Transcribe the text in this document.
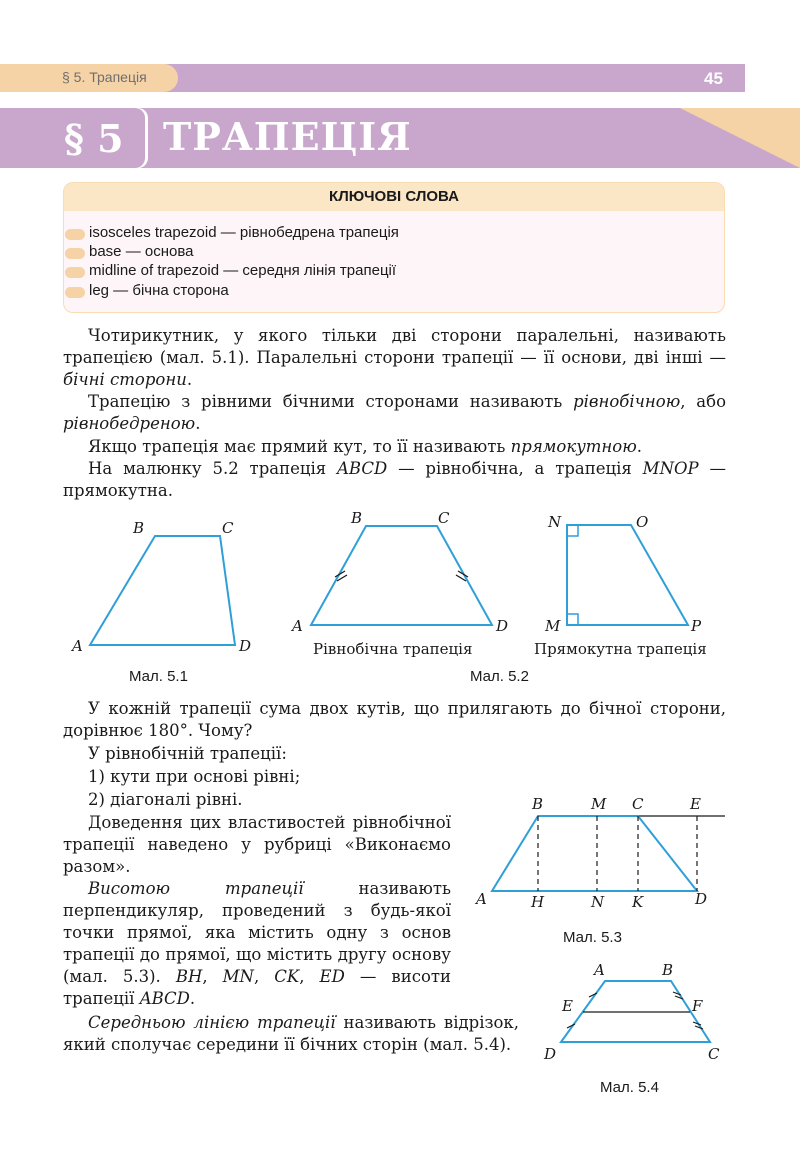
§ 5. Трапеція	45
§ 5 ТРАПЕЦІЯ
КЛЮЧОВІ СЛОВА
isosceles trapezoid — рівнобедрена трапеція
base — основа
midline of trapezoid — середня лінія трапеції
leg — бічна сторона
Чотирикутник, у якого тільки дві сторони паралельні, називають трапецією (мал. 5.1). Паралельні сторони трапеції — її основи, дві інші — бічні сторони.
Трапецію з рівними бічними сторонами називають рівнобічною, або рівнобедреною.
Якщо трапеція має прямий кут, то її називають прямокутною.
На малюнку 5.2 трапеція ABCD — рівнобічна, а трапеція MNOP — прямокутна.
A
B	C
D
Мал. 5.1
A
B	C
D
Рівнобічна трапеція
M
N	O
P
Прямокутна трапеція
Мал. 5.2
У кожній трапеції сума двох кутів, що прилягають до бічної сторони, дорівнює 180°. Чому?
У рівнобічній трапеції:
1) кути при основі рівні;
2) діагоналі рівні.
Доведення цих властивостей рівнобічної трапеції наведено у рубриці «Виконаємо разом».
Висотою трапеції називають перпендикуляр, проведений з будь-якої точки прямої, яка містить одну з основ трапеції до прямої, що містить другу основу (мал. 5.3). BH, MN, CK, ED — висоти трапеції ABCD.
Середньою лінією трапеції називають відрізок, який сполучає середини її бічних сторін (мал. 5.4).
A
B	M C	E
D
H	N K
Мал. 5.3
A	B
E	F
D	C
Мал. 5.4
